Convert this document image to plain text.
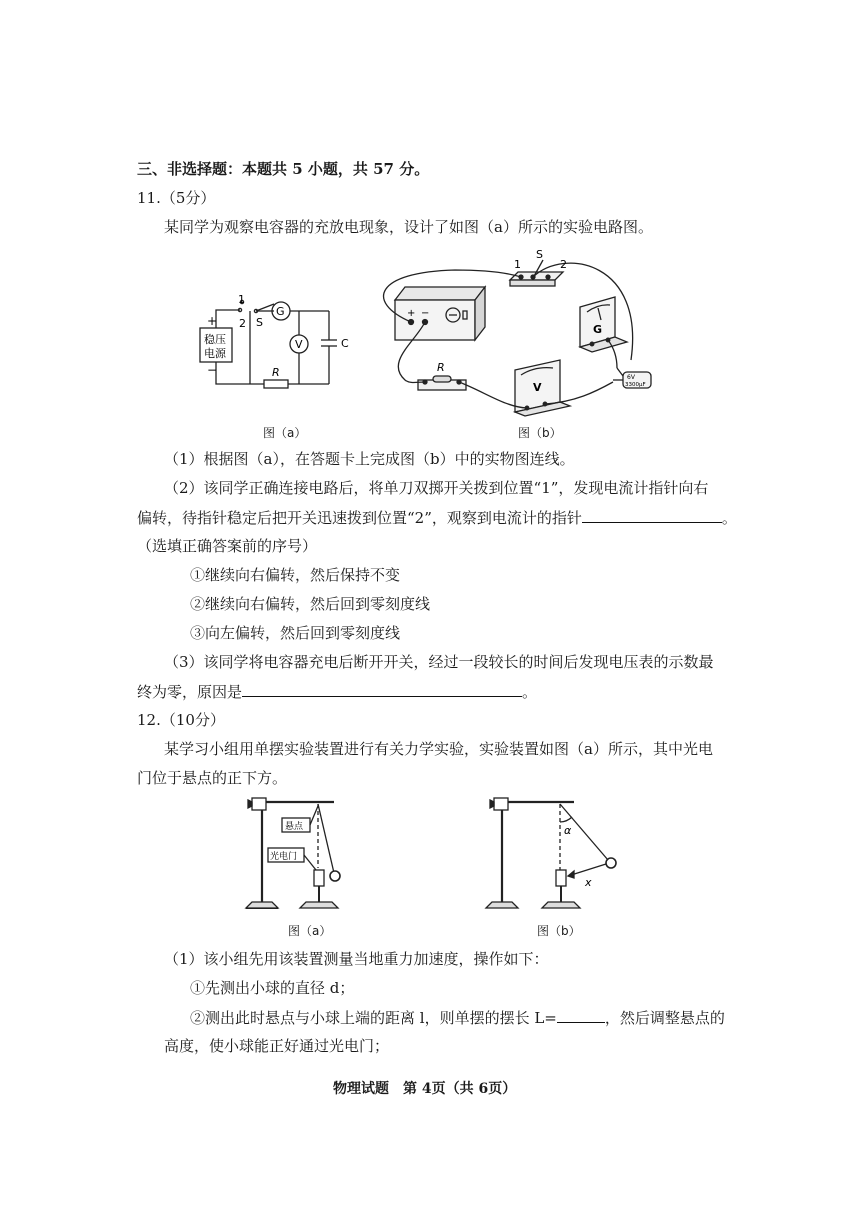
三、非选择题：本题共 5 小题，共 57 分。
11.（5分）
某同学为观察电容器的充放电现象，设计了如图（a）所示的实验电路图。
1
2 S
G
V	C
R
+
−
稳压
电源
图（a）
1	2
S
G
V
R
+ −
6V
3300μF
图（b）
（1）根据图（a），在答题卡上完成图（b）中的实物图连线。
（2）该同学正确连接电路后，将单刀双掷开关拨到位置“1”，发现电流计指针向右
偏转，待指针稳定后把开关迅速拨到位置“2”，观察到电流计的指针	。
（选填正确答案前的序号）
①继续向右偏转，然后保持不变
②继续向右偏转，然后回到零刻度线
③向左偏转，然后回到零刻度线
（3）该同学将电容器充电后断开开关，经过一段较长的时间后发现电压表的示数最
终为零，原因是	。
12.（10分）
某学习小组用单摆实验装置进行有关力学实验，实验装置如图（a）所示，其中光电
门位于悬点的正下方。
悬点
光电门
图（a）
α
x
图（b）
（1）该小组先用该装置测量当地重力加速度，操作如下：
①先测出小球的直径 d；
②测出此时悬点与小球上端的距离 l，则单摆的摆长 L=	，然后调整悬点的
高度，使小球能正好通过光电门；
物理试题　第 4页（共 6页）
